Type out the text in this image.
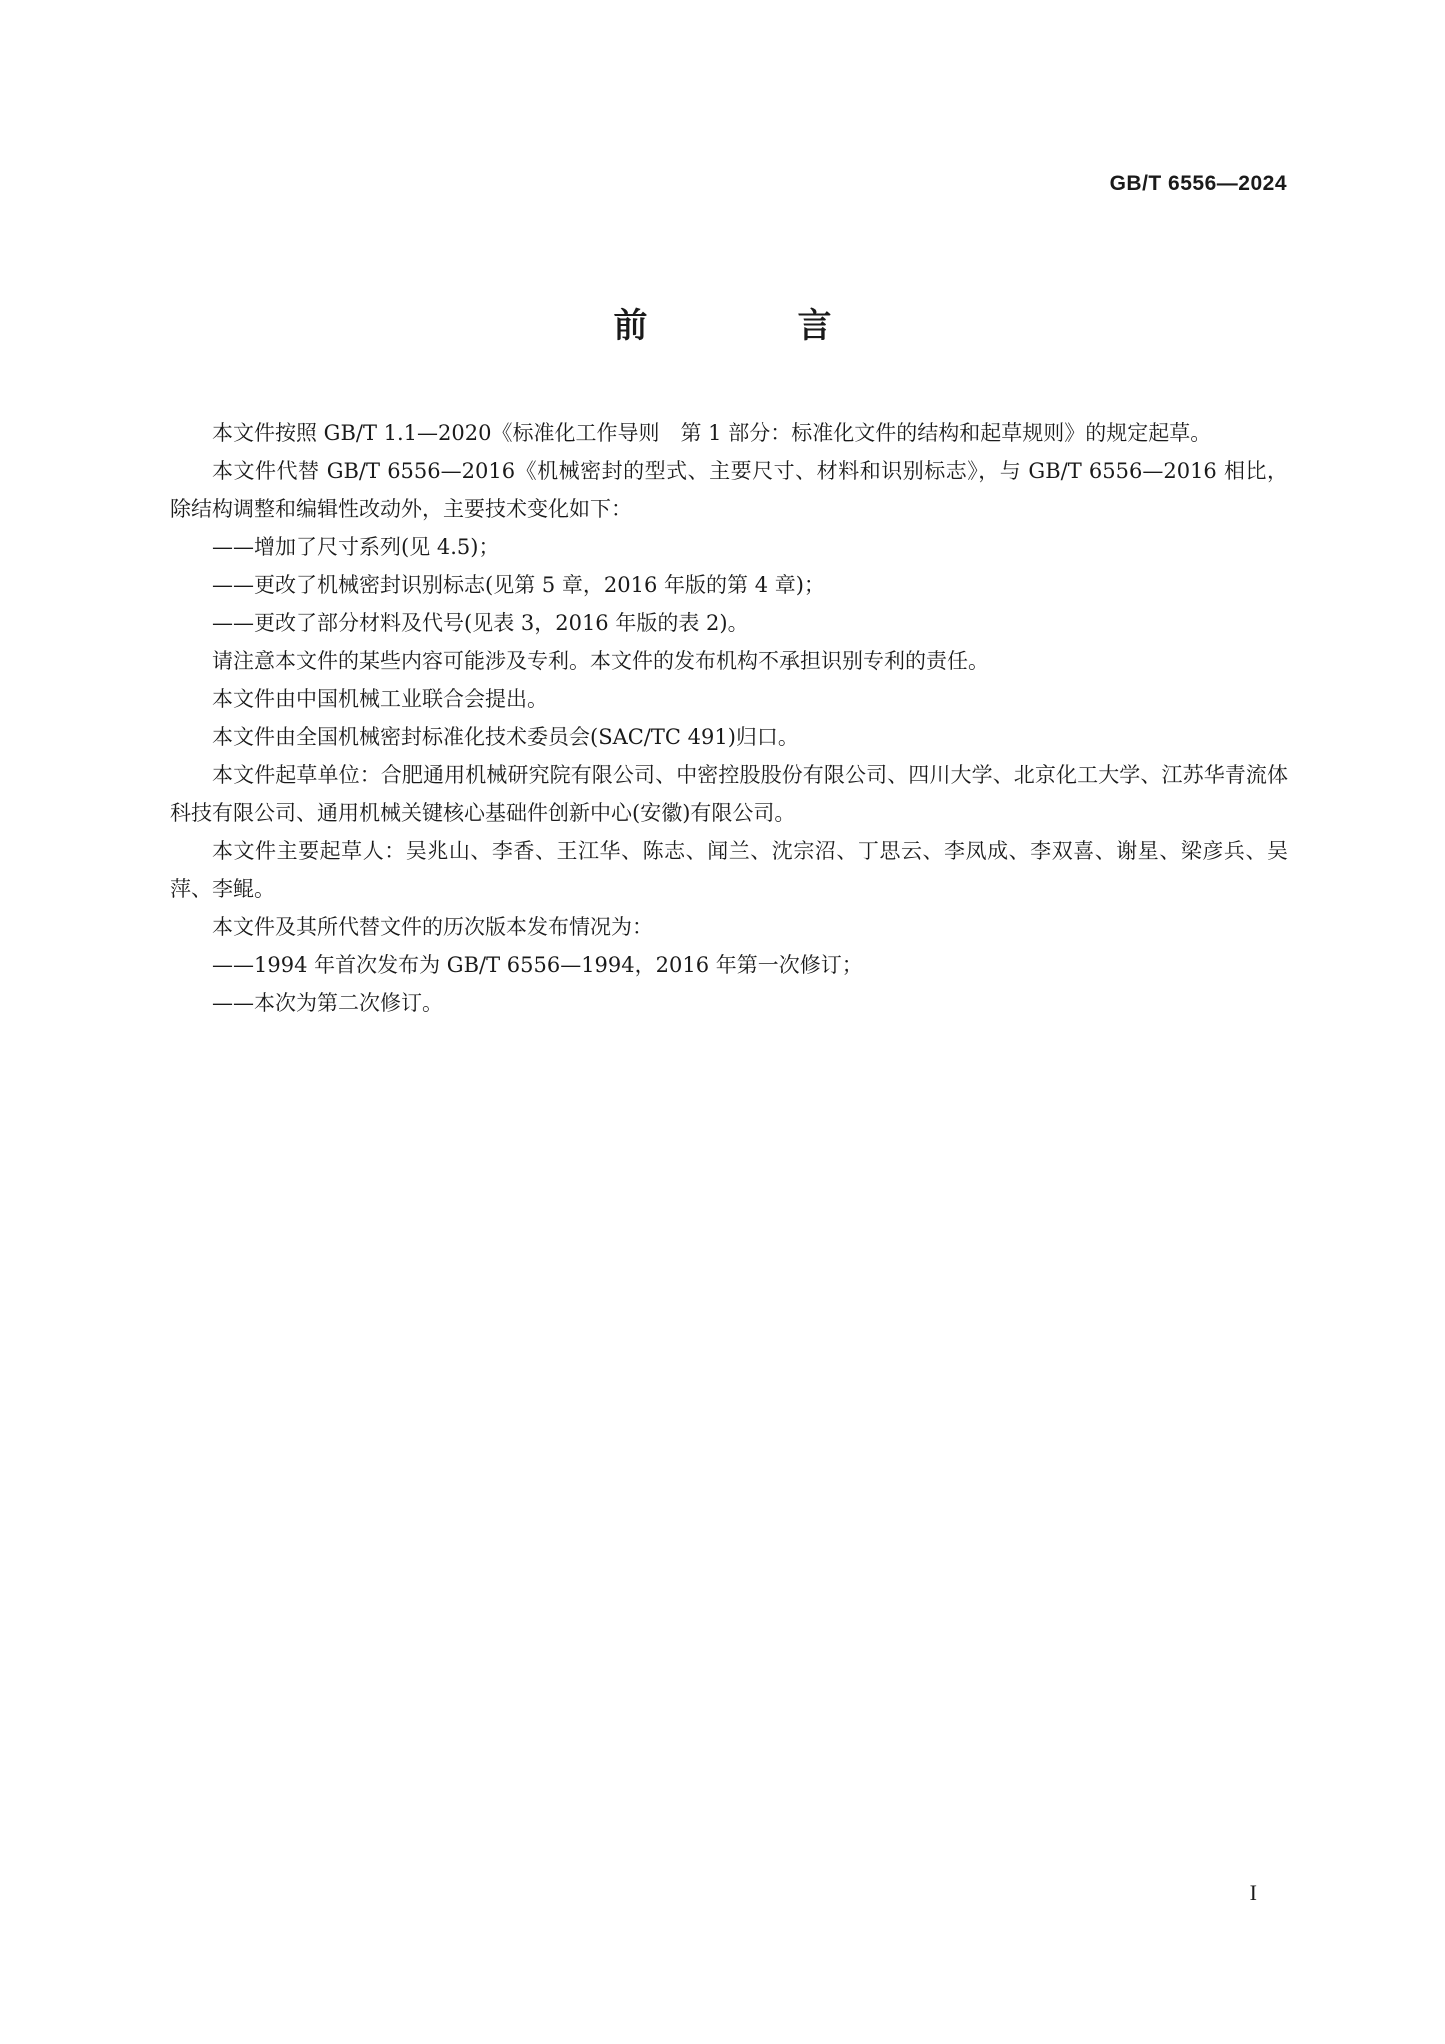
GB/T 6556—2024
前　言

本文件按照 GB/T 1.1—2020《标准化工作导则　第 1 部分：标准化文件的结构和起草规则》的规定起草。

本文件代替 GB/T 6556—2016《机械密封的型式、主要尺寸、材料和识别标志》，与 GB/T 6556—2016 相比，除结构调整和编辑性改动外，主要技术变化如下：

——增加了尺寸系列(见 4.5)；

——更改了机械密封识别标志(见第 5 章，2016 年版的第 4 章)；

——更改了部分材料及代号(见表 3，2016 年版的表 2)。

请注意本文件的某些内容可能涉及专利。本文件的发布机构不承担识别专利的责任。

本文件由中国机械工业联合会提出。

本文件由全国机械密封标准化技术委员会(SAC/TC 491)归口。

本文件起草单位：合肥通用机械研究院有限公司、中密控股股份有限公司、四川大学、北京化工大学、江苏华青流体科技有限公司、通用机械关键核心基础件创新中心(安徽)有限公司。

本文件主要起草人：吴兆山、李香、王江华、陈志、闻兰、沈宗沼、丁思云、李凤成、李双喜、谢星、梁彦兵、吴萍、李鲲。

本文件及其所代替文件的历次版本发布情况为：

——1994 年首次发布为 GB/T 6556—1994，2016 年第一次修订；

——本次为第二次修订。

I
